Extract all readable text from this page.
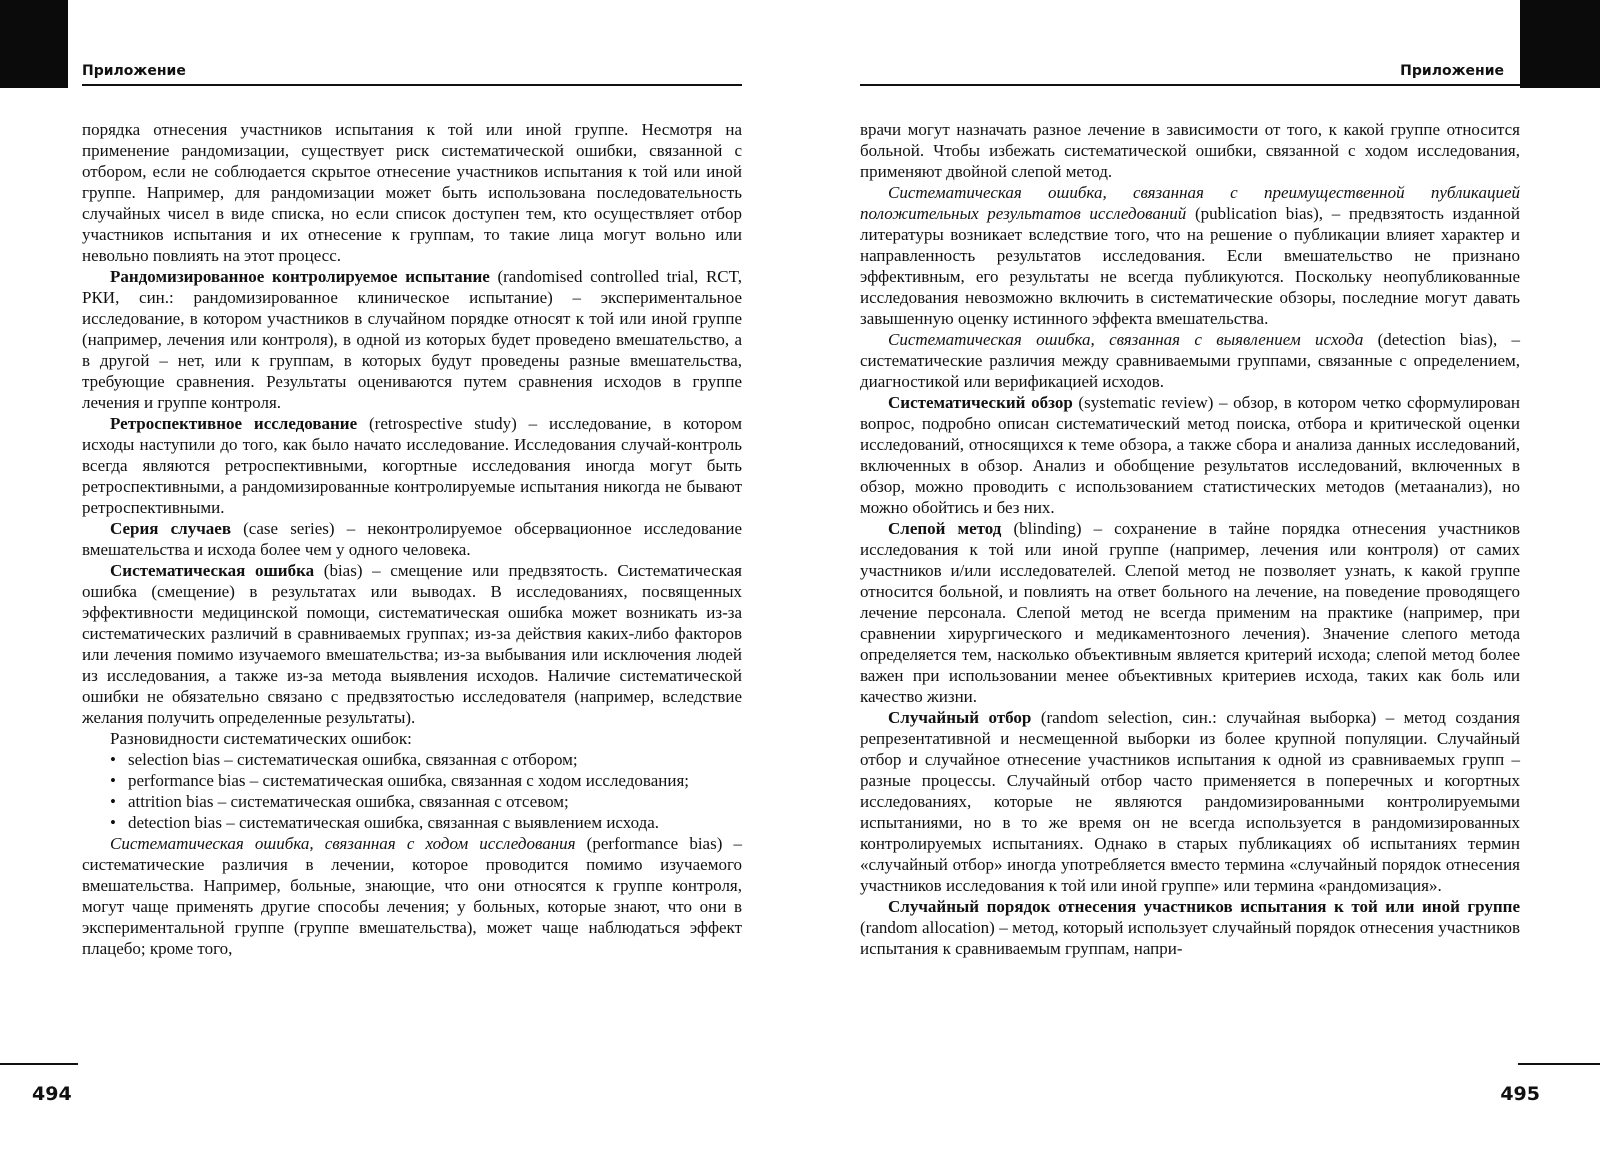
Приложение

порядка отнесения участников испытания к той или иной группе. Несмотря на применение рандомизации, существует риск систематической ошибки, связанной с отбором, если не соблюдается скрытое отнесение участников испытания к той или иной группе. Например, для рандомизации может быть использована последовательность случайных чисел в виде списка, но если список доступен тем, кто осуществляет отбор участников испытания и их отнесение к группам, то такие лица могут вольно или невольно повлиять на этот процесс.

Рандомизированное контролируемое испытание (randomised controlled trial, RCT, РКИ, син.: рандомизированное клиническое испытание) – экспериментальное исследование, в котором участников в случайном порядке относят к той или иной группе (например, лечения или контроля), в одной из которых будет проведено вмешательство, а в другой – нет, или к группам, в которых будут проведены разные вмешательства, требующие сравнения. Результаты оцениваются путем сравнения исходов в группе лечения и группе контроля.

Ретроспективное исследование (retrospective study) – исследование, в котором исходы наступили до того, как было начато исследование. Исследования случай-контроль всегда являются ретроспективными, когортные исследования иногда могут быть ретроспективными, а рандомизированные контролируемые испытания никогда не бывают ретроспективными.

Серия случаев (case series) – неконтролируемое обсервационное исследование вмешательства и исхода более чем у одного человека.

Систематическая ошибка (bias) – смещение или предвзятость. Систематическая ошибка (смещение) в результатах или выводах. В исследованиях, посвященных эффективности медицинской помощи, систематическая ошибка может возникать из-за систематических различий в сравниваемых группах; из-за действия каких-либо факторов или лечения помимо изучаемого вмешательства; из-за выбывания или исключения людей из исследования, а также из-за метода выявления исходов. Наличие систематической ошибки не обязательно связано с предвзятостью исследователя (например, вследствие желания получить определенные результаты).

Разновидности систематических ошибок:

• selection bias – систематическая ошибка, связанная с отбором;
• performance bias – систематическая ошибка, связанная с ходом исследования;
• attrition bias – систематическая ошибка, связанная с отсевом;
• detection bias – систематическая ошибка, связанная с выявлением исхода.

Систематическая ошибка, связанная с ходом исследования (performance bias) – систематические различия в лечении, которое проводится помимо изучаемого вмешательства. Например, больные, знающие, что они относятся к группе контроля, могут чаще применять другие способы лечения; у больных, которые знают, что они в экспериментальной группе (группе вмешательства), может чаще наблюдаться эффект плацебо; кроме того,

494
Приложение

врачи могут назначать разное лечение в зависимости от того, к какой группе относится больной. Чтобы избежать систематической ошибки, связанной с ходом исследования, применяют двойной слепой метод.

Систематическая ошибка, связанная с преимущественной публикацией положительных результатов исследований (publication bias), – предвзятость изданной литературы возникает вследствие того, что на решение о публикации влияет характер и направленность результатов исследования. Если вмешательство не признано эффективным, его результаты не всегда публикуются. Поскольку неопубликованные исследования невозможно включить в систематические обзоры, последние могут давать завышенную оценку истинного эффекта вмешательства.

Систематическая ошибка, связанная с выявлением исхода (detection bias), – систематические различия между сравниваемыми группами, связанные с определением, диагностикой или верификацией исходов.

Систематический обзор (systematic review) – обзор, в котором четко сформулирован вопрос, подробно описан систематический метод поиска, отбора и критической оценки исследований, относящихся к теме обзора, а также сбора и анализа данных исследований, включенных в обзор. Анализ и обобщение результатов исследований, включенных в обзор, можно проводить с использованием статистических методов (метаанализ), но можно обойтись и без них.

Слепой метод (blinding) – сохранение в тайне порядка отнесения участников исследования к той или иной группе (например, лечения или контроля) от самих участников и/или исследователей. Слепой метод не позволяет узнать, к какой группе относится больной, и повлиять на ответ больного на лечение, на поведение проводящего лечение персонала. Слепой метод не всегда применим на практике (например, при сравнении хирургического и медикаментозного лечения). Значение слепого метода определяется тем, насколько объективным является критерий исхода; слепой метод более важен при использовании менее объективных критериев исхода, таких как боль или качество жизни.

Случайный отбор (random selection, син.: случайная выборка) – метод создания репрезентативной и несмещенной выборки из более крупной популяции. Случайный отбор и случайное отнесение участников испытания к одной из сравниваемых групп – разные процессы. Случайный отбор часто применяется в поперечных и когортных исследованиях, которые не являются рандомизированными контролируемыми испытаниями, но в то же время он не всегда используется в рандомизированных контролируемых испытаниях. Однако в старых публикациях об испытаниях термин «случайный отбор» иногда употребляется вместо термина «случайный порядок отнесения участников исследования к той или иной группе» или термина «рандомизация».

Случайный порядок отнесения участников испытания к той или иной группе (random allocation) – метод, который использует случайный порядок отнесения участников испытания к сравниваемым группам, напри-

495
